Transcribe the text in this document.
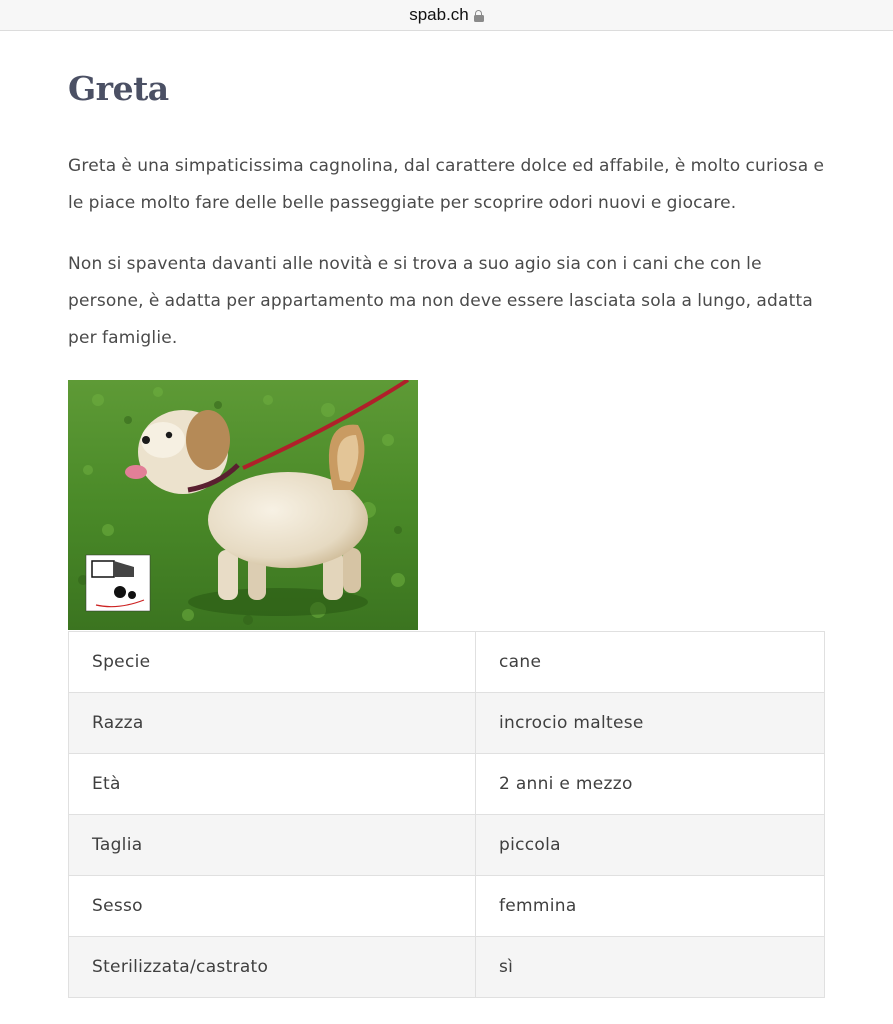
spab.ch
Greta

Greta è una simpaticissima cagnolina, dal carattere dolce ed affabile, è molto curiosa e le piace molto fare delle belle passeggiate per scoprire odori nuovi e giocare.

Non si spaventa davanti alle novità e si trova a suo agio sia con i cani che con le persone, è adatta per appartamento ma non deve essere lasciata sola a lungo, adatta per famiglie.

Specie	cane
Razza	incrocio maltese
Età	2 anni e mezzo
Taglia	piccola
Sesso	femmina
Sterilizzata/castrato	sì
